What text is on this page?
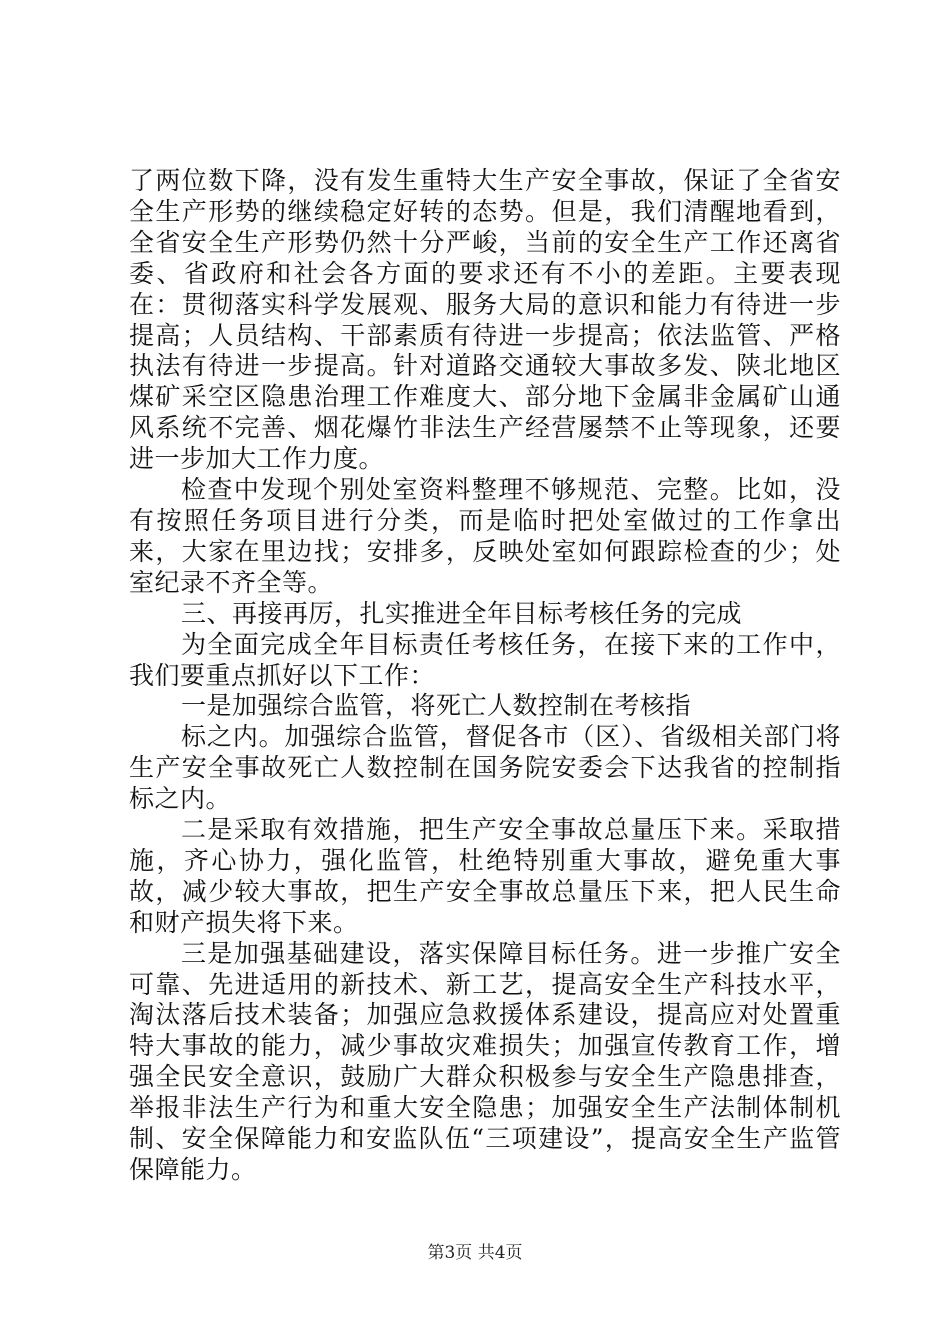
了两位数下降，没有发生重特大生产安全事故，保证了全省安全生产形势的继续稳定好转的态势。但是，我们清醒地看到，全省安全生产形势仍然十分严峻，当前的安全生产工作还离省委、省政府和社会各方面的要求还有不小的差距。主要表现在：贯彻落实科学发展观、服务大局的意识和能力有待进一步提高；人员结构、干部素质有待进一步提高；依法监管、严格执法有待进一步提高。针对道路交通较大事故多发、陕北地区煤矿采空区隐患治理工作难度大、部分地下金属非金属矿山通风系统不完善、烟花爆竹非法生产经营屡禁不止等现象，还要进一步加大工作力度。

检查中发现个别处室资料整理不够规范、完整。比如，没有按照任务项目进行分类，而是临时把处室做过的工作拿出来，大家在里边找；安排多，反映处室如何跟踪检查的少；处室纪录不齐全等。

三、再接再厉，扎实推进全年目标考核任务的完成

为全面完成全年目标责任考核任务，在接下来的工作中，我们要重点抓好以下工作：

一是加强综合监管，将死亡人数控制在考核指

标之内。加强综合监管，督促各市（区）、省级相关部门将生产安全事故死亡人数控制在国务院安委会下达我省的控制指标之内。

二是采取有效措施，把生产安全事故总量压下来。采取措施，齐心协力，强化监管，杜绝特别重大事故，避免重大事故，减少较大事故，把生产安全事故总量压下来，把人民生命和财产损失将下来。

三是加强基础建设，落实保障目标任务。进一步推广安全可靠、先进适用的新技术、新工艺，提高安全生产科技水平，淘汰落后技术装备；加强应急救援体系建设，提高应对处置重特大事故的能力，减少事故灾难损失；加强宣传教育工作，增强全民安全意识，鼓励广大群众积极参与安全生产隐患排查，举报非法生产行为和重大安全隐患；加强安全生产法制体制机制、安全保障能力和安监队伍“三项建设”，提高安全生产监管保障能力。

第3页 共4页
